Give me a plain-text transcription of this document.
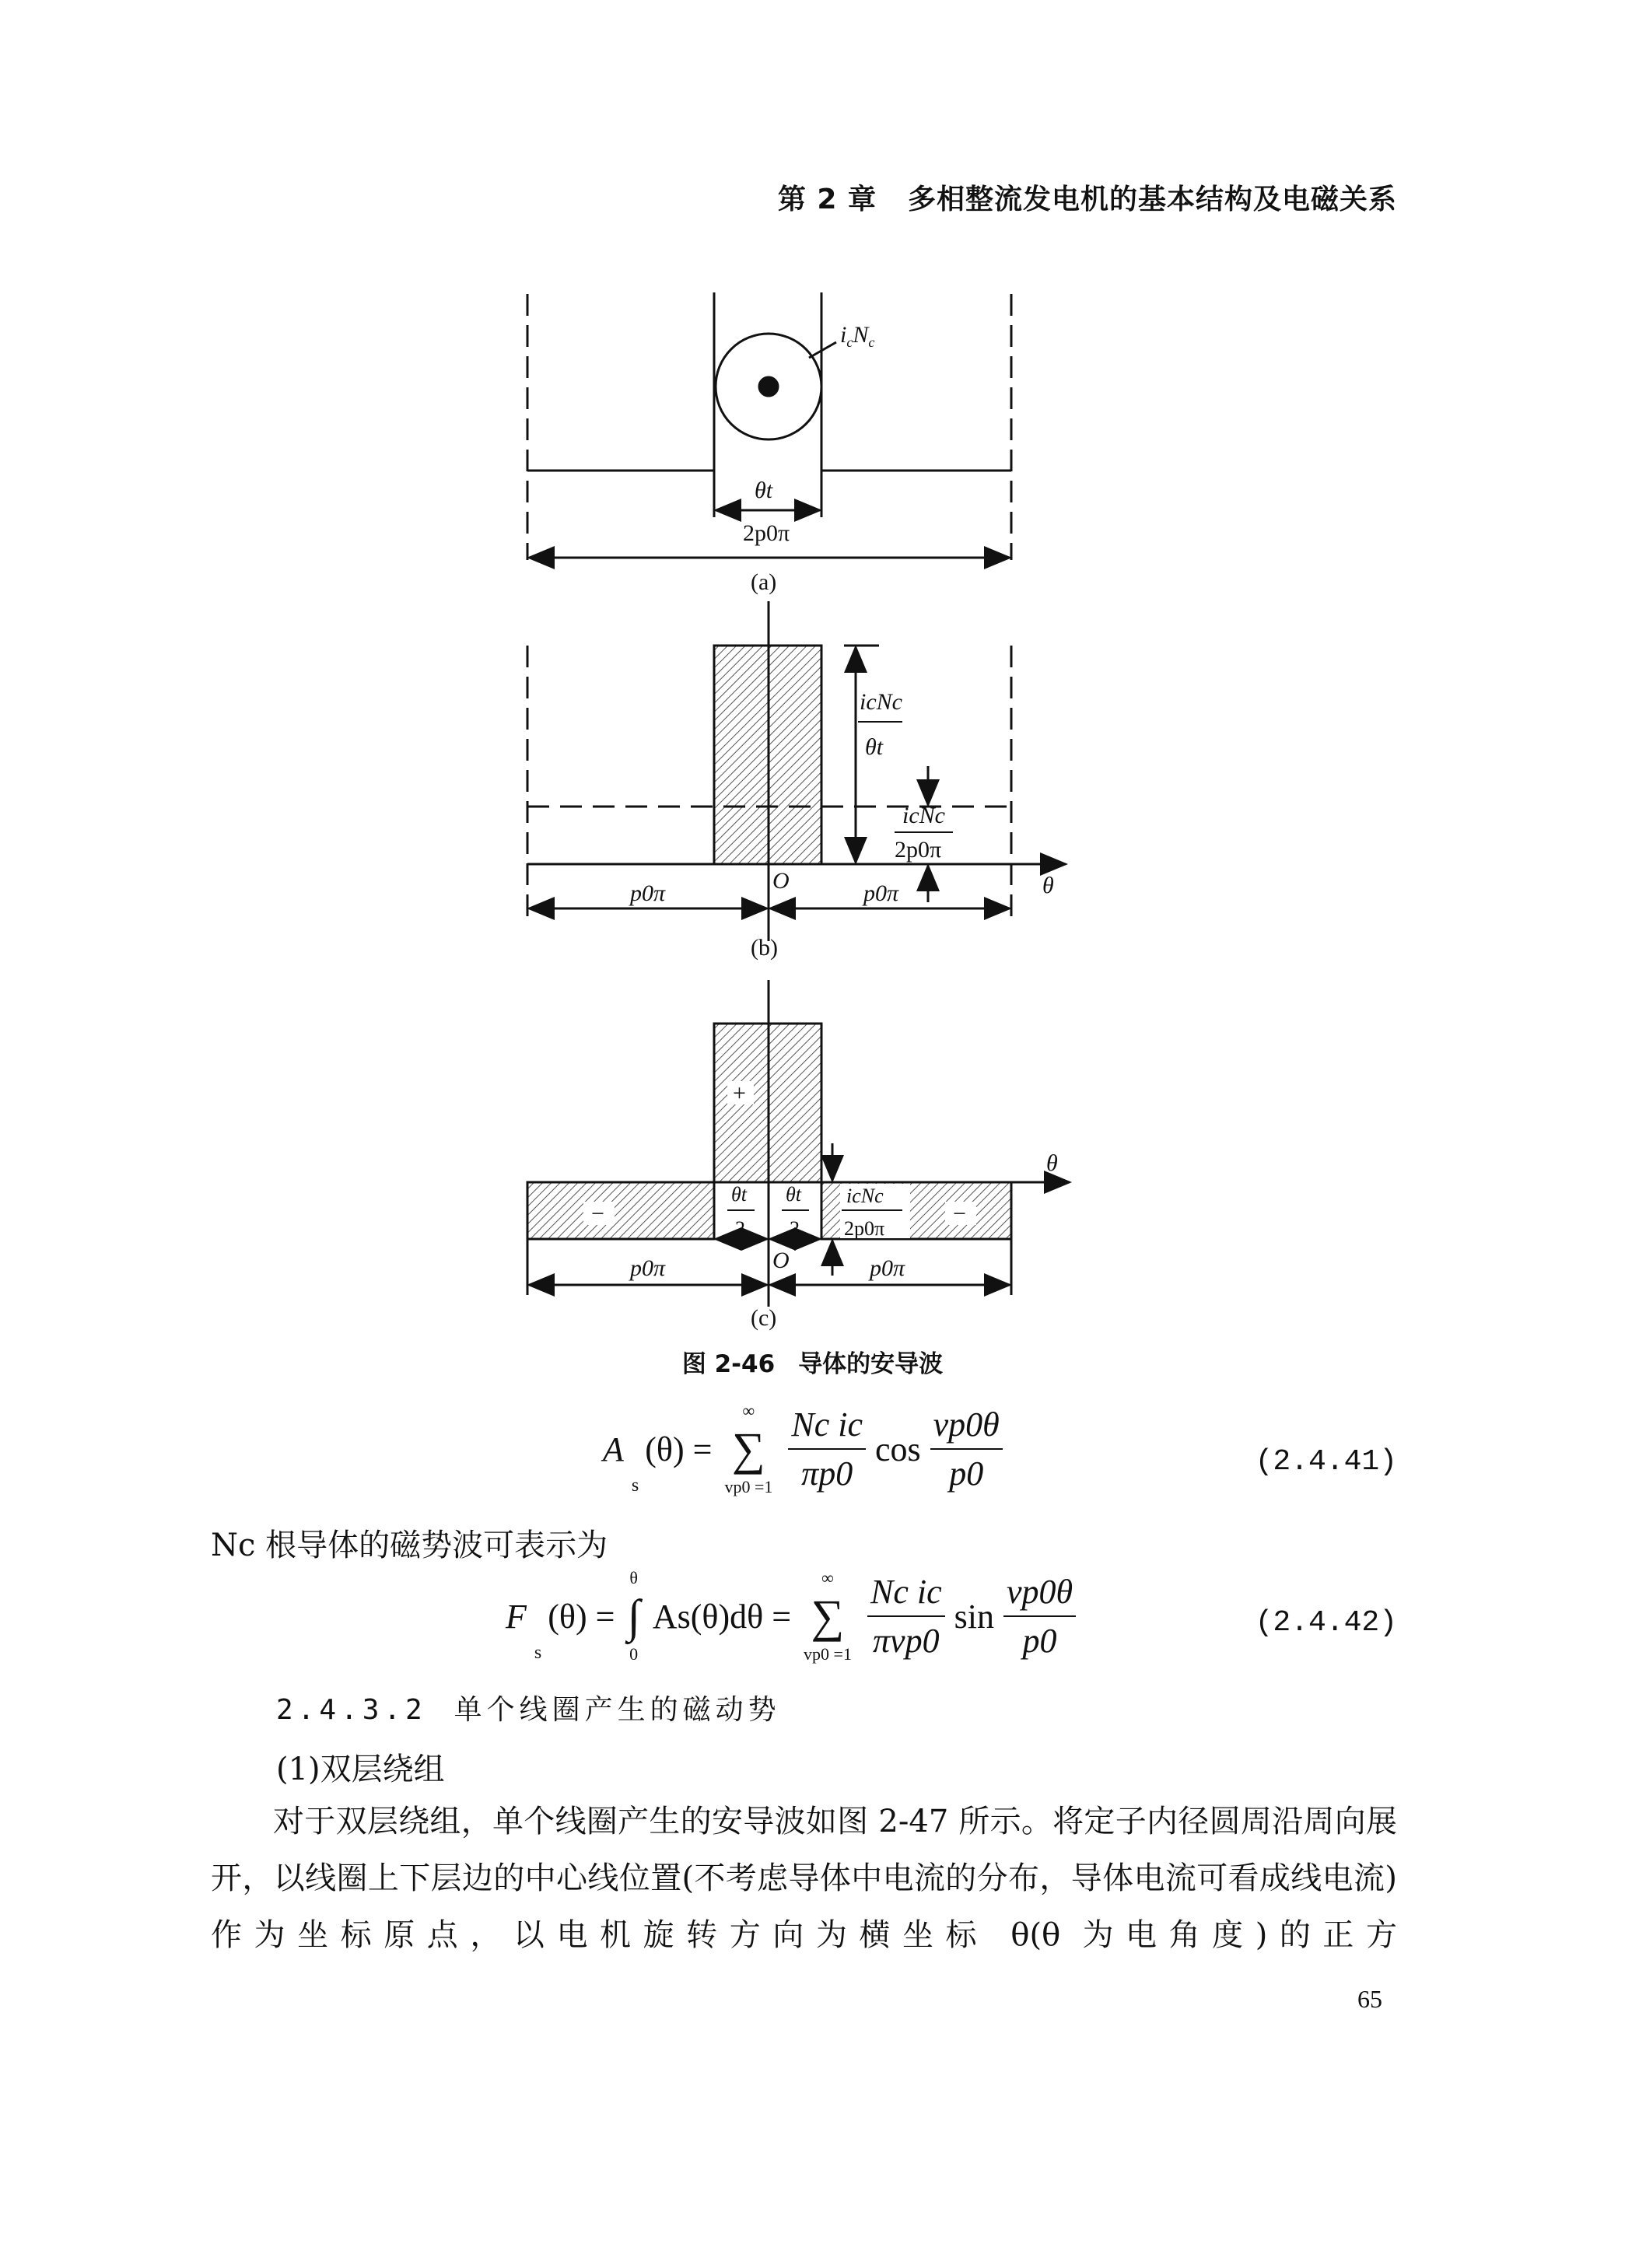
第 2 章 多相整流发电机的基本结构及电磁关系
$i_cN_c$
θt
2p0π
(a)
icNc
θt
icNc
2p0π
O	θ
p0π	p0π
(b)
+
−	−
θt
2
θt
2
icNc
2p0π
O
θ
p0π	p0π
(c)
图 2-46 导体的安导波
A
s
(θ) =
∞
∑
$vp0 =1 \frac{\text{Nc ic}}{\pi p0}$ $\cos \frac{vp0\theta}{p0}$	(2.4.41)
Nc 根导体的磁势波可表示为
F
s
(θ) =
θ
∫
0
As(θ)dθ =
∞
∑
$vp0 =1 \frac{\text{Nc ic}}{\text{πvp0}}$ $\sin \frac{vp0\theta}{p0}$	(2.4.42)
2.4.3.2 单个线圈产生的磁动势
(1)双层绕组
对于双层绕组，单个线圈产生的安导波如图 2-47 所示。将定子内径圆周沿周向展开，以线圈上下层边的中心线位置(不考虑导体中电流的分布，导体电流可看成线电流)作为坐标原点，以电机旋转方向为横坐标 θ(θ 为电角度)的正方
65
